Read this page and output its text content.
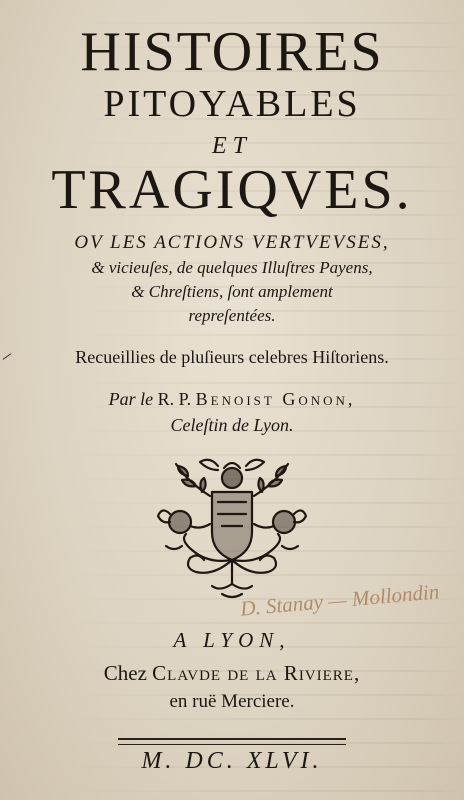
HISTOIRES

PITOYABLES

ET

TRAGIQVES.

OV LES ACTIONS VERTVEVSES,

& vicieuſes, de quelques Illuſtres Payens,

& Chreſtiens, ſont amplement

repreſentées.

Recueillies de pluſieurs celebres Hiſtoriens.

Par le R. P. Benoist Gonon,

Celeſtin de Lyon.

D. Stanay — Mollondin

A LYON,

Chez Clavde de la Riviere,

en ruë Merciere.

M. DC. XLVI.
